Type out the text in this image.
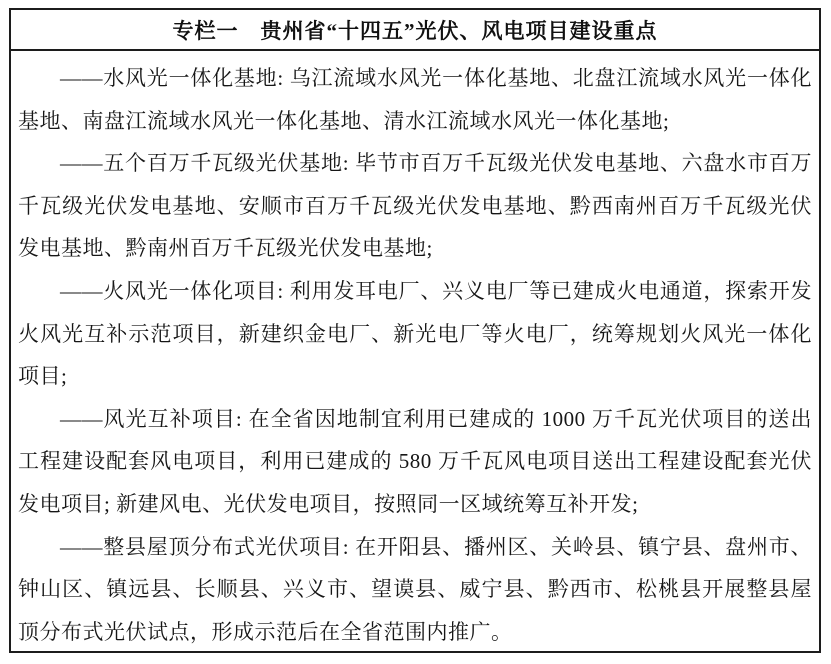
专栏一　贵州省“十四五”光伏、风电项目建设重点

——水风光一体化基地: 乌江流域水风光一体化基地、北盘江流域水风光一体化基地、南盘江流域水风光一体化基地、清水江流域水风光一体化基地;

——五个百万千瓦级光伏基地: 毕节市百万千瓦级光伏发电基地、六盘水市百万千瓦级光伏发电基地、安顺市百万千瓦级光伏发电基地、黔西南州百万千瓦级光伏发电基地、黔南州百万千瓦级光伏发电基地;

——火风光一体化项目: 利用发耳电厂、兴义电厂等已建成火电通道，探索开发火风光互补示范项目，新建织金电厂、新光电厂等火电厂，统筹规划火风光一体化项目;

——风光互补项目: 在全省因地制宜利用已建成的 1000 万千瓦光伏项目的送出工程建设配套风电项目，利用已建成的 580 万千瓦风电项目送出工程建设配套光伏发电项目; 新建风电、光伏发电项目，按照同一区域统筹互补开发;

——整县屋顶分布式光伏项目: 在开阳县、播州区、关岭县、镇宁县、盘州市、钟山区、镇远县、长顺县、兴义市、望谟县、威宁县、黔西市、松桃县开展整县屋顶分布式光伏试点，形成示范后在全省范围内推广。
